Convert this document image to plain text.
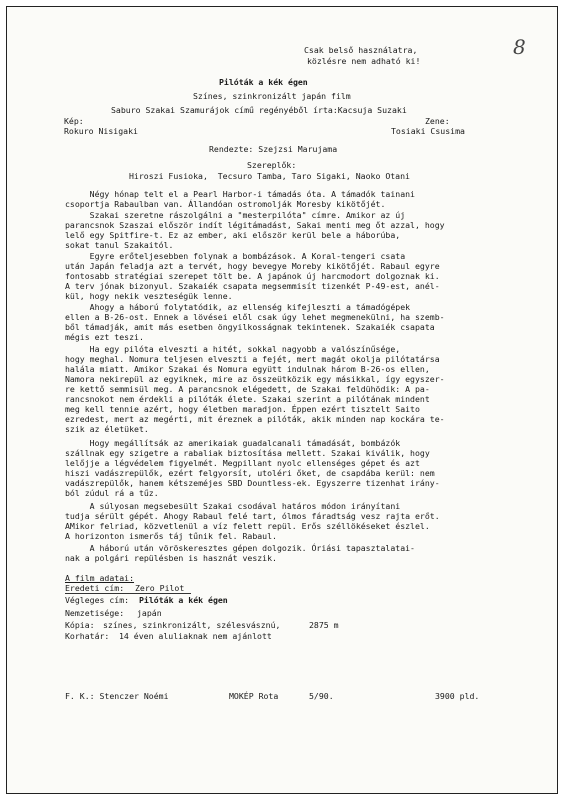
Csak belső használatra,
közlésre nem adható ki!
8
Pilóták a kék égen
Színes, szinkronizált japán film
Saburo Szakai Szamurájok című regényéből írta:Kacsuja Suzaki
Kép:	Zene:
Rokuro Nisigaki	Tosiaki Csusima
Rendezte: Szejzsi Marujama
Szereplők:
Hiroszi Fusioka,  Tecsuro Tamba, Taro Sigaki, Naoko Otani
Négy hónap telt el a Pearl Harbor-i támadás óta. A támadók tainani
csoportja Rabaulban van. Állandóan ostromolják Moresby kikötőjét.
Szakai szeretne rászolgálni a "mesterpilóta" címre. Amikor az új
parancsnok Szaszai először indít légitámadást, Sakai menti meg őt azzal, hogy
lelő egy Spitfire-t. Ez az ember, aki először kerül bele a háborúba,
sokat tanul Szakaitól.
Egyre erőteljesebben folynak a bombázások. A Koral-tengeri csata
után Japán feladja azt a tervét, hogy bevegye Moreby kikötőjét. Rabaul egyre
fontosabb stratégiai szerepet tölt be. A japánok új harcmodort dolgoznak ki.
A terv jónak bizonyul. Szakaiék csapata megsemmisít tizenkét P-49-est, anél-
kül, hogy nekik veszteségük lenne.
Ahogy a háború folytatódik, az ellenség kifejleszti a támadógépek
ellen a B-26-ost. Ennek a lövései elől csak úgy lehet megmenekülni, ha szemb-
ből támadják, amit más esetben öngyilkosságnak tekintenek. Szakaiék csapata
mégis ezt teszi.
Ha egy pilóta elveszti a hitét, sokkal nagyobb a valószínűsége,
hogy meghal. Nomura teljesen elveszti a fejét, mert magát okolja pilótatársa
halála miatt. Amikor Szakai és Nomura együtt indulnak három B-26-os ellen,
Namora nekirepül az egyiknek, mire az összeütközik egy másikkal, így egyszer-
re kettő semmisül meg. A parancsnok elégedett, de Szakai feldühödik: A pa-
rancsnokot nem érdekli a pilóták élete. Szakai szerint a pilótának mindent
meg kell tennie azért, hogy életben maradjon. Éppen ezért tisztelt Saito
ezredest, mert az megérti, mit éreznek a pilóták, akik minden nap kockára te-
szik az életüket.
Hogy megállítsák az amerikaiak guadalcanali támadását, bombázók
szállnak egy szigetre a rabaliak biztosítása mellett. Szakai kiválik, hogy
lelőjje a légvédelem figyelmét. Megpillant nyolc ellenséges gépet és azt
hiszi vadászrepülők, ezért felgyorsít, utoléri őket, de csapdába kerül: nem
vadászrepülők, hanem kétszeméjes SBD Dountless-ek. Egyszerre tizenhat irány-
ból zúdul rá a tűz.
A súlyosan megsebesült Szakai csodával határos módon irányítani
tudja sérült gépét. Ahogy Rabaul felé tart, ólmos fáradtság vesz rajta erőt.
AMikor felriad, közvetlenül a víz felett repül. Erős széllökéseket észlel.
A horizonton ismerős táj tűnik fel. Rabaul.
A háború után vöröskeresztes gépen dolgozik. Óriási tapasztalatai-
nak a polgári repülésben is hasznát veszik.
A film adatai:
Eredeti cím: Zero Pilot
Végleges cím: Pilóták a kék égen
Nemzetisége: japán
Kópia: színes, szinkronizált, szélesvásznú,	2875 m
Korhatár: 14 éven aluliaknak nem ajánlott
F. K.: Stenczer Noémi	MOKÉP Rota	5/90.	3900 pld.
